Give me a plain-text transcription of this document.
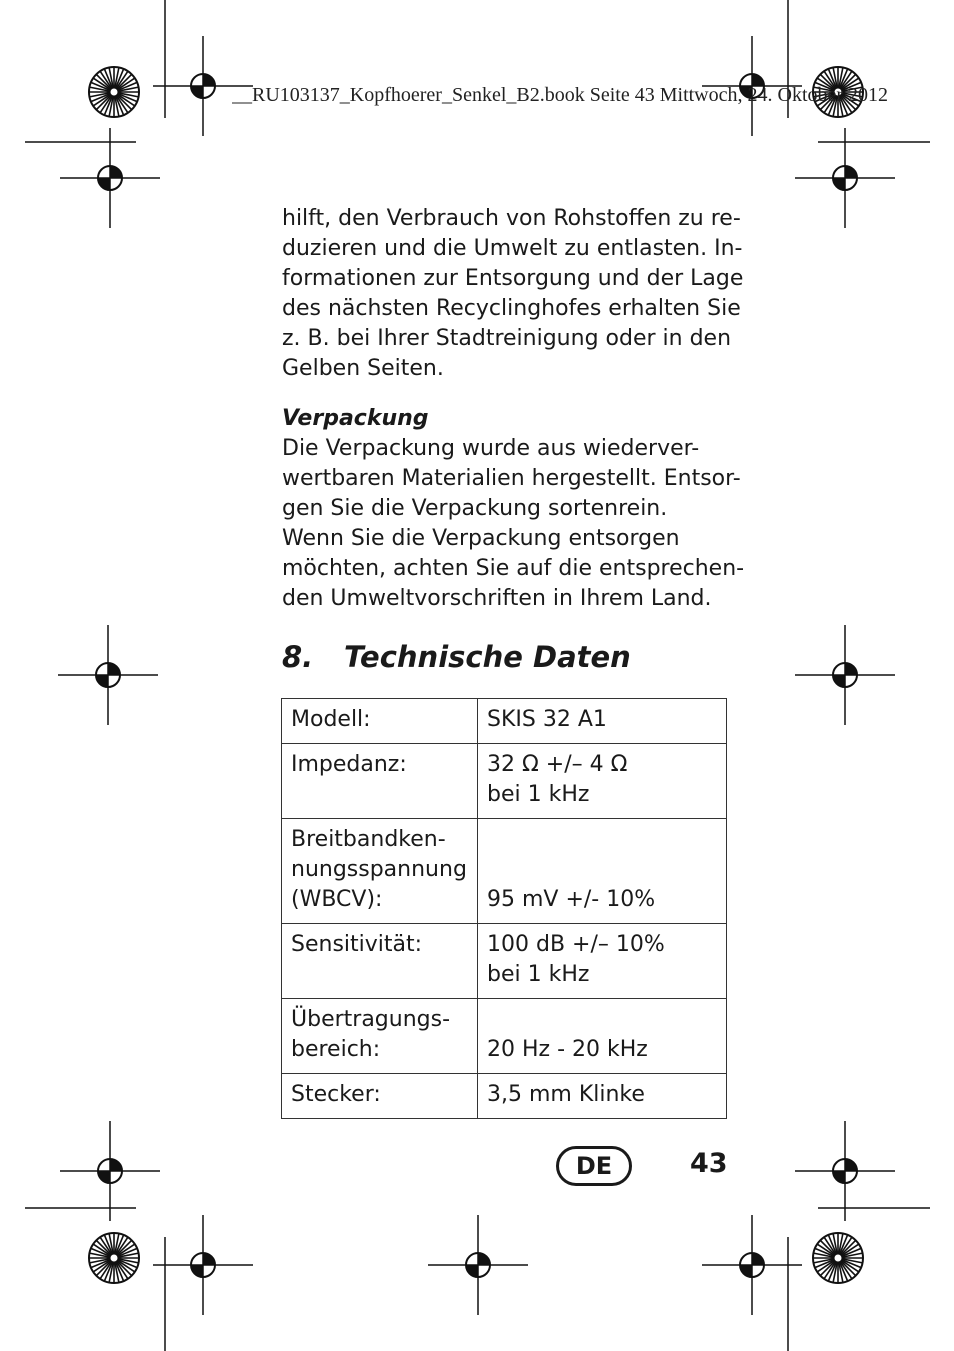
__RU103137_Kopfhoerer_Senkel_B2.book Seite 43 Mittwoch, 24. Oktober 2012

hilft, den Verbrauch von Rohstoffen zu re-
duzieren und die Umwelt zu entlasten. In-
formationen zur Entsorgung und der Lage
des nächsten Recyclinghofes erhalten Sie
z. B. bei Ihrer Stadtreinigung oder in den
Gelben Seiten.

Verpackung

Die Verpackung wurde aus wiederver-
wertbaren Materialien hergestellt. Entsor-
gen Sie die Verpackung sortenrein.
Wenn Sie die Verpackung entsorgen
möchten, achten Sie auf die entsprechen-
den Umweltvorschriften in Ihrem Land.

8. Technische Daten
Modell:	SKIS 32 A1

Impedanz:	32 Ω +/– 4 Ω
bei 1 kHz

Breitbandken-
nungsspannung
(WBCV):	95 mV +/- 10%

Sensitivität:	100 dB +/– 10%
bei 1 kHz

Übertragungs-
bereich:	20 Hz - 20 kHz

Stecker:	3,5 mm Klinke
DE	43
